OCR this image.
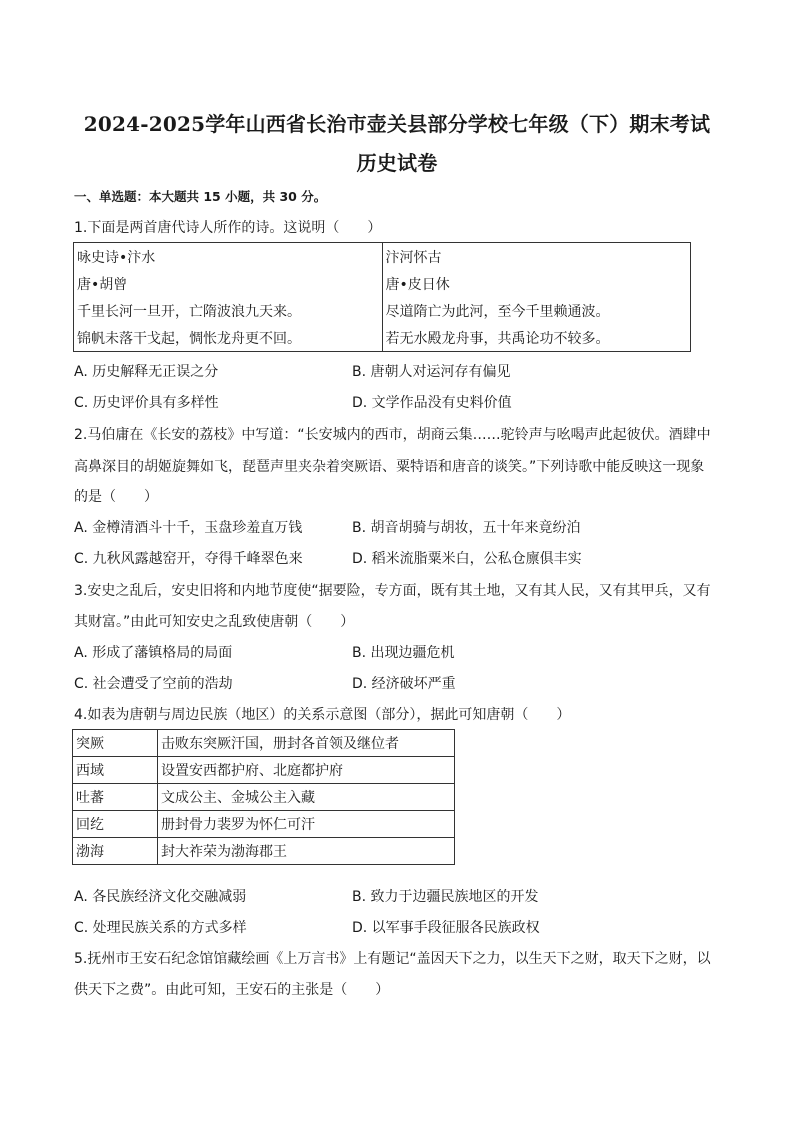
2024-2025学年山西省长治市壶关县部分学校七年级（下）期末考试
历史试卷
一、单选题：本大题共 15 小题，共 30 分。
1.下面是两首唐代诗人所作的诗。这说明（　　）
咏史诗•汴水	汴河怀古
唐•胡曾	唐•皮日休
千里长河一旦开，亡隋波浪九天来。	尽道隋亡为此河，至今千里赖通波。
锦帆未落干戈起，惆怅龙舟更不回。	若无水殿龙舟事，共禹论功不较多。
A. 历史解释无正误之分	B. 唐朝人对运河存有偏见
C. 历史评价具有多样性	D. 文学作品没有史料价值
2.马伯庸在《长安的荔枝》中写道：“长安城内的西市，胡商云集……驼铃声与吆喝声此起彼伏。酒肆中
高鼻深目的胡姬旋舞如飞，琵琶声里夹杂着突厥语、粟特语和唐音的谈笑。”下列诗歌中能反映这一现象
的是（　　）
A. 金樽清酒斗十千，玉盘珍羞直万钱	B. 胡音胡骑与胡妆，五十年来竟纷泊
C. 九秋风露越窑开，夺得千峰翠色来	D. 稻米流脂粟米白，公私仓廪俱丰实
3.安史之乱后，安史旧将和内地节度使“据要险，专方面，既有其土地，又有其人民，又有其甲兵，又有
其财富。”由此可知安史之乱致使唐朝（　　）
A. 形成了藩镇格局的局面	B. 出现边疆危机
C. 社会遭受了空前的浩劫	D. 经济破坏严重
4.如表为唐朝与周边民族（地区）的关系示意图（部分），据此可知唐朝（　　）
突厥	击败东突厥汗国，册封各首领及继位者
西域	设置安西都护府、北庭都护府
吐蕃	文成公主、金城公主入藏
回纥	册封骨力裴罗为怀仁可汗
渤海	封大祚荣为渤海郡王
A. 各民族经济文化交融减弱	B. 致力于边疆民族地区的开发
C. 处理民族关系的方式多样	D. 以军事手段征服各民族政权
5.抚州市王安石纪念馆馆藏绘画《上万言书》上有题记“盖因天下之力，以生天下之财，取天下之财，以
供天下之费”。由此可知，王安石的主张是（　　）
